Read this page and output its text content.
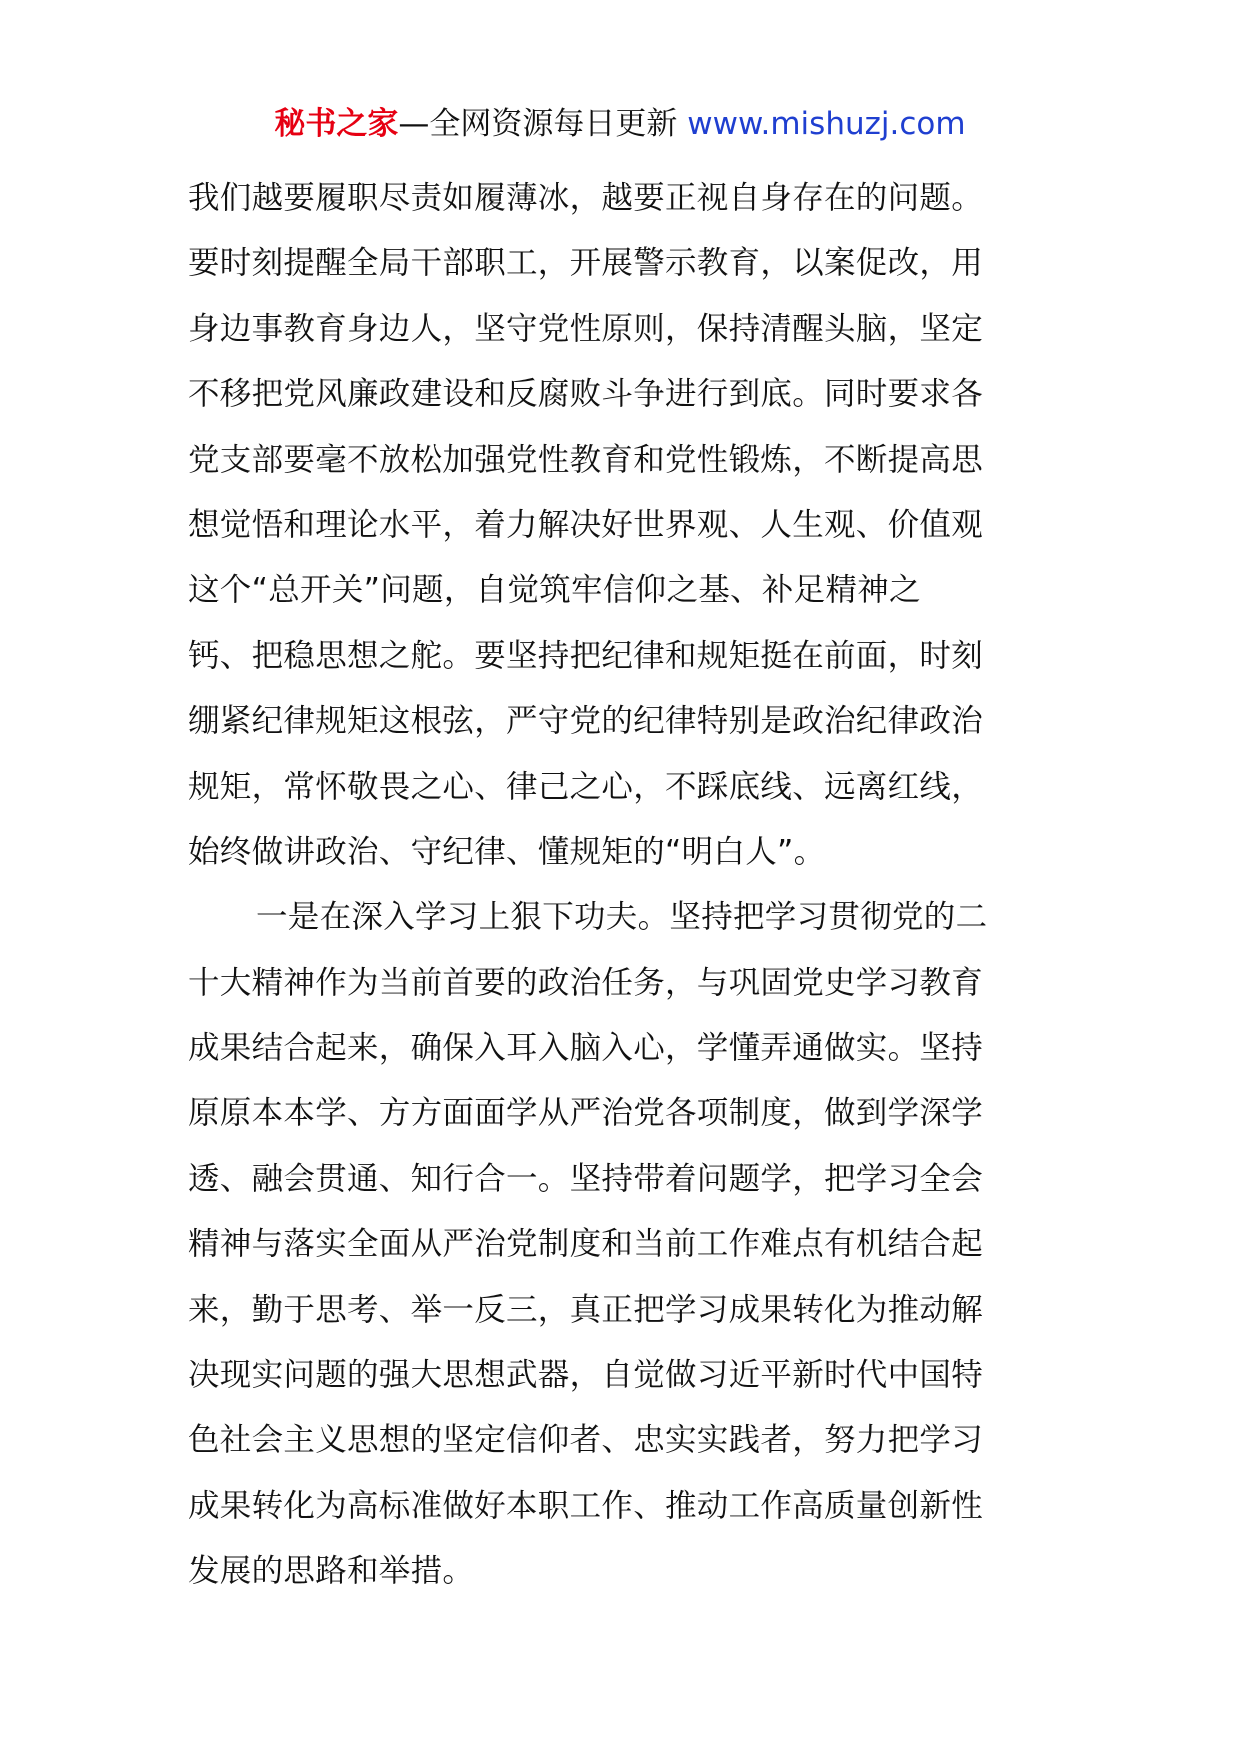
秘书之家—全网资源每日更新 www.mishuzj.com
我们越要履职尽责如履薄冰，越要正视自身存在的问题。
要时刻提醒全局干部职工，开展警示教育，以案促改，用
身边事教育身边人，坚守党性原则，保持清醒头脑，坚定
不移把党风廉政建设和反腐败斗争进行到底。同时要求各
党支部要毫不放松加强党性教育和党性锻炼，不断提高思
想觉悟和理论水平，着力解决好世界观、人生观、价值观
这个“总开关”问题，自觉筑牢信仰之基、补足精神之
钙、把稳思想之舵。要坚持把纪律和规矩挺在前面，时刻
绷紧纪律规矩这根弦，严守党的纪律特别是政治纪律政治
规矩，常怀敬畏之心、律己之心，不踩底线、远离红线，
始终做讲政治、守纪律、懂规矩的“明白人”。
一是在深入学习上狠下功夫。坚持把学习贯彻党的二
十大精神作为当前首要的政治任务，与巩固党史学习教育
成果结合起来，确保入耳入脑入心，学懂弄通做实。坚持
原原本本学、方方面面学从严治党各项制度，做到学深学
透、融会贯通、知行合一。坚持带着问题学，把学习全会
精神与落实全面从严治党制度和当前工作难点有机结合起
来，勤于思考、举一反三，真正把学习成果转化为推动解
决现实问题的强大思想武器，自觉做习近平新时代中国特
色社会主义思想的坚定信仰者、忠实实践者，努力把学习
成果转化为高标准做好本职工作、推动工作高质量创新性
发展的思路和举措。
